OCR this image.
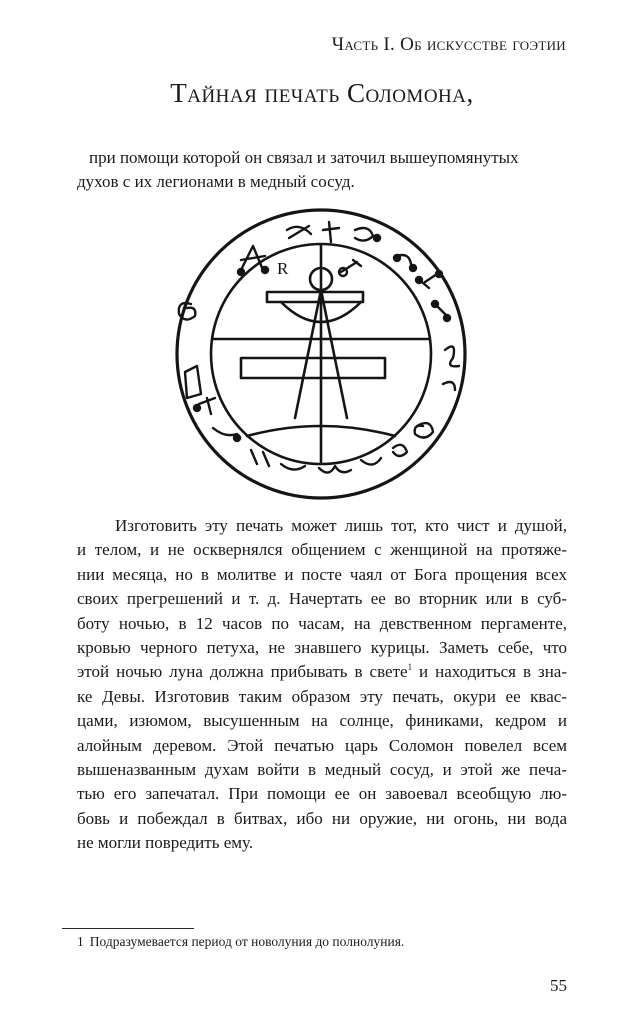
Часть I. Об искусстве гоэтии
Тайная печать Соломона,
при помощи которой он связал и заточил вышеупомянутых
духов с их легионами в медный сосуд.
R
Изготовить эту печать может лишь тот, кто чист и душой,
и телом, и не осквернялся общением с женщиной на протяже-
нии месяца, но в молитве и посте чаял от Бога прощения всех
своих прегрешений и т. д. Начертать ее во вторник или в суб-
боту ночью, в 12 часов по часам, на девственном пергаменте,
кровью черного петуха, не знавшего курицы. Заметь себе, что
этой ночью луна должна прибывать в свете$^1$ и находиться в зна-
ке Девы. Изготовив таким образом эту печать, окури ее квас-
цами, изюмом, высушенным на солнце, финиками, кедром и
алойным деревом. Этой печатью царь Соломон повелел всем
вышеназванным духам войти в медный сосуд, и этой же печа-
тью его запечатал. При помощи ее он завоевал всеобщую лю-
бовь и побеждал в битвах, ибо ни оружие, ни огонь, ни вода
не могли повредить ему.
1 Подразумевается период от новолуния до полнолуния.
55
